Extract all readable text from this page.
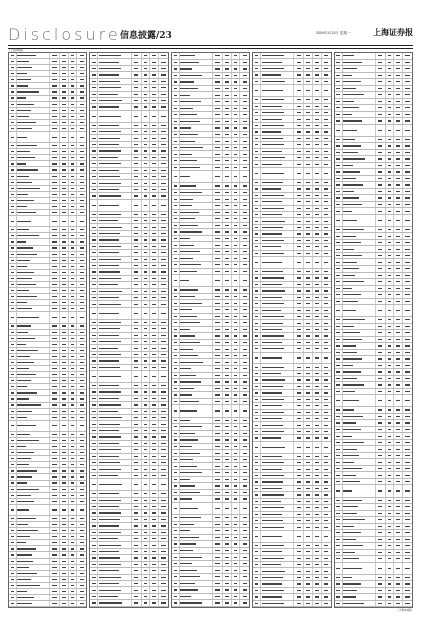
Disclosure 信息披露/23	2009年4月3日 星期一	上海证券报
(上接22版)
(下转24版)
